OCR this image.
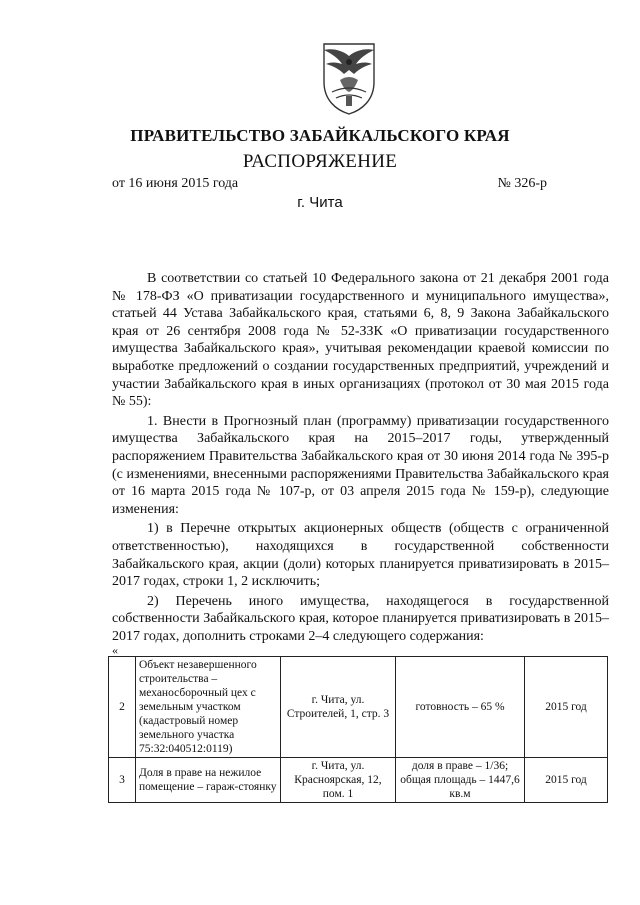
ПРАВИТЕЛЬСТВО ЗАБАЙКАЛЬСКОГО КРАЯ
РАСПОРЯЖЕНИЕ
от 16 июня 2015 года	№ 326-р
г. Чита

В соответствии со статьей 10 Федерального закона от 21 декабря 2001 года № 178-ФЗ «О приватизации государственного и муниципального имущества», статьей 44 Устава Забайкальского края, статьями 6, 8, 9 Закона Забайкальского края от 26 сентября 2008 года № 52-ЗЗК «О приватизации государственного имущества Забайкальского края», учитывая рекомендации краевой комиссии по выработке предложений о создании государственных предприятий, учреждений и участии Забайкальского края в иных организациях (протокол от 30 мая 2015 года № 55):

1. Внести в Прогнозный план (программу) приватизации государственного имущества Забайкальского края на 2015–2017 годы, утвержденный распоряжением Правительства Забайкальского края от 30 июня 2014 года № 395-р (с изменениями, внесенными распоряжениями Правительства Забайкальского края от 16 марта 2015 года № 107-р, от 03 апреля 2015 года № 159-р), следующие изменения:

1) в Перечне открытых акционерных обществ (обществ с ограниченной ответственностью), находящихся в государственной собственности Забайкальского края, акции (доли) которых планируется приватизировать в 2015–2017 годах, строки 1, 2 исключить;

2) Перечень иного имущества, находящегося в государственной собственности Забайкальского края, которое планируется приватизировать в 2015–2017 годах, дополнить строками 2–4 следующего содержания:

«
2	Объект незавершенного строительства – механосборочный цех с земельным участком (кадастровый номер земельного участка 75:32:040512:0119)	г. Чита, ул. Строителей, 1, стр. 3	готовность – 65 %	2015 год
3	Доля в праве на нежилое помещение – гараж-стоянку	г. Чита, ул. Красноярская, 12, пом. 1	доля в праве – 1/36; общая площадь – 1447,6 кв.м	2015 год
